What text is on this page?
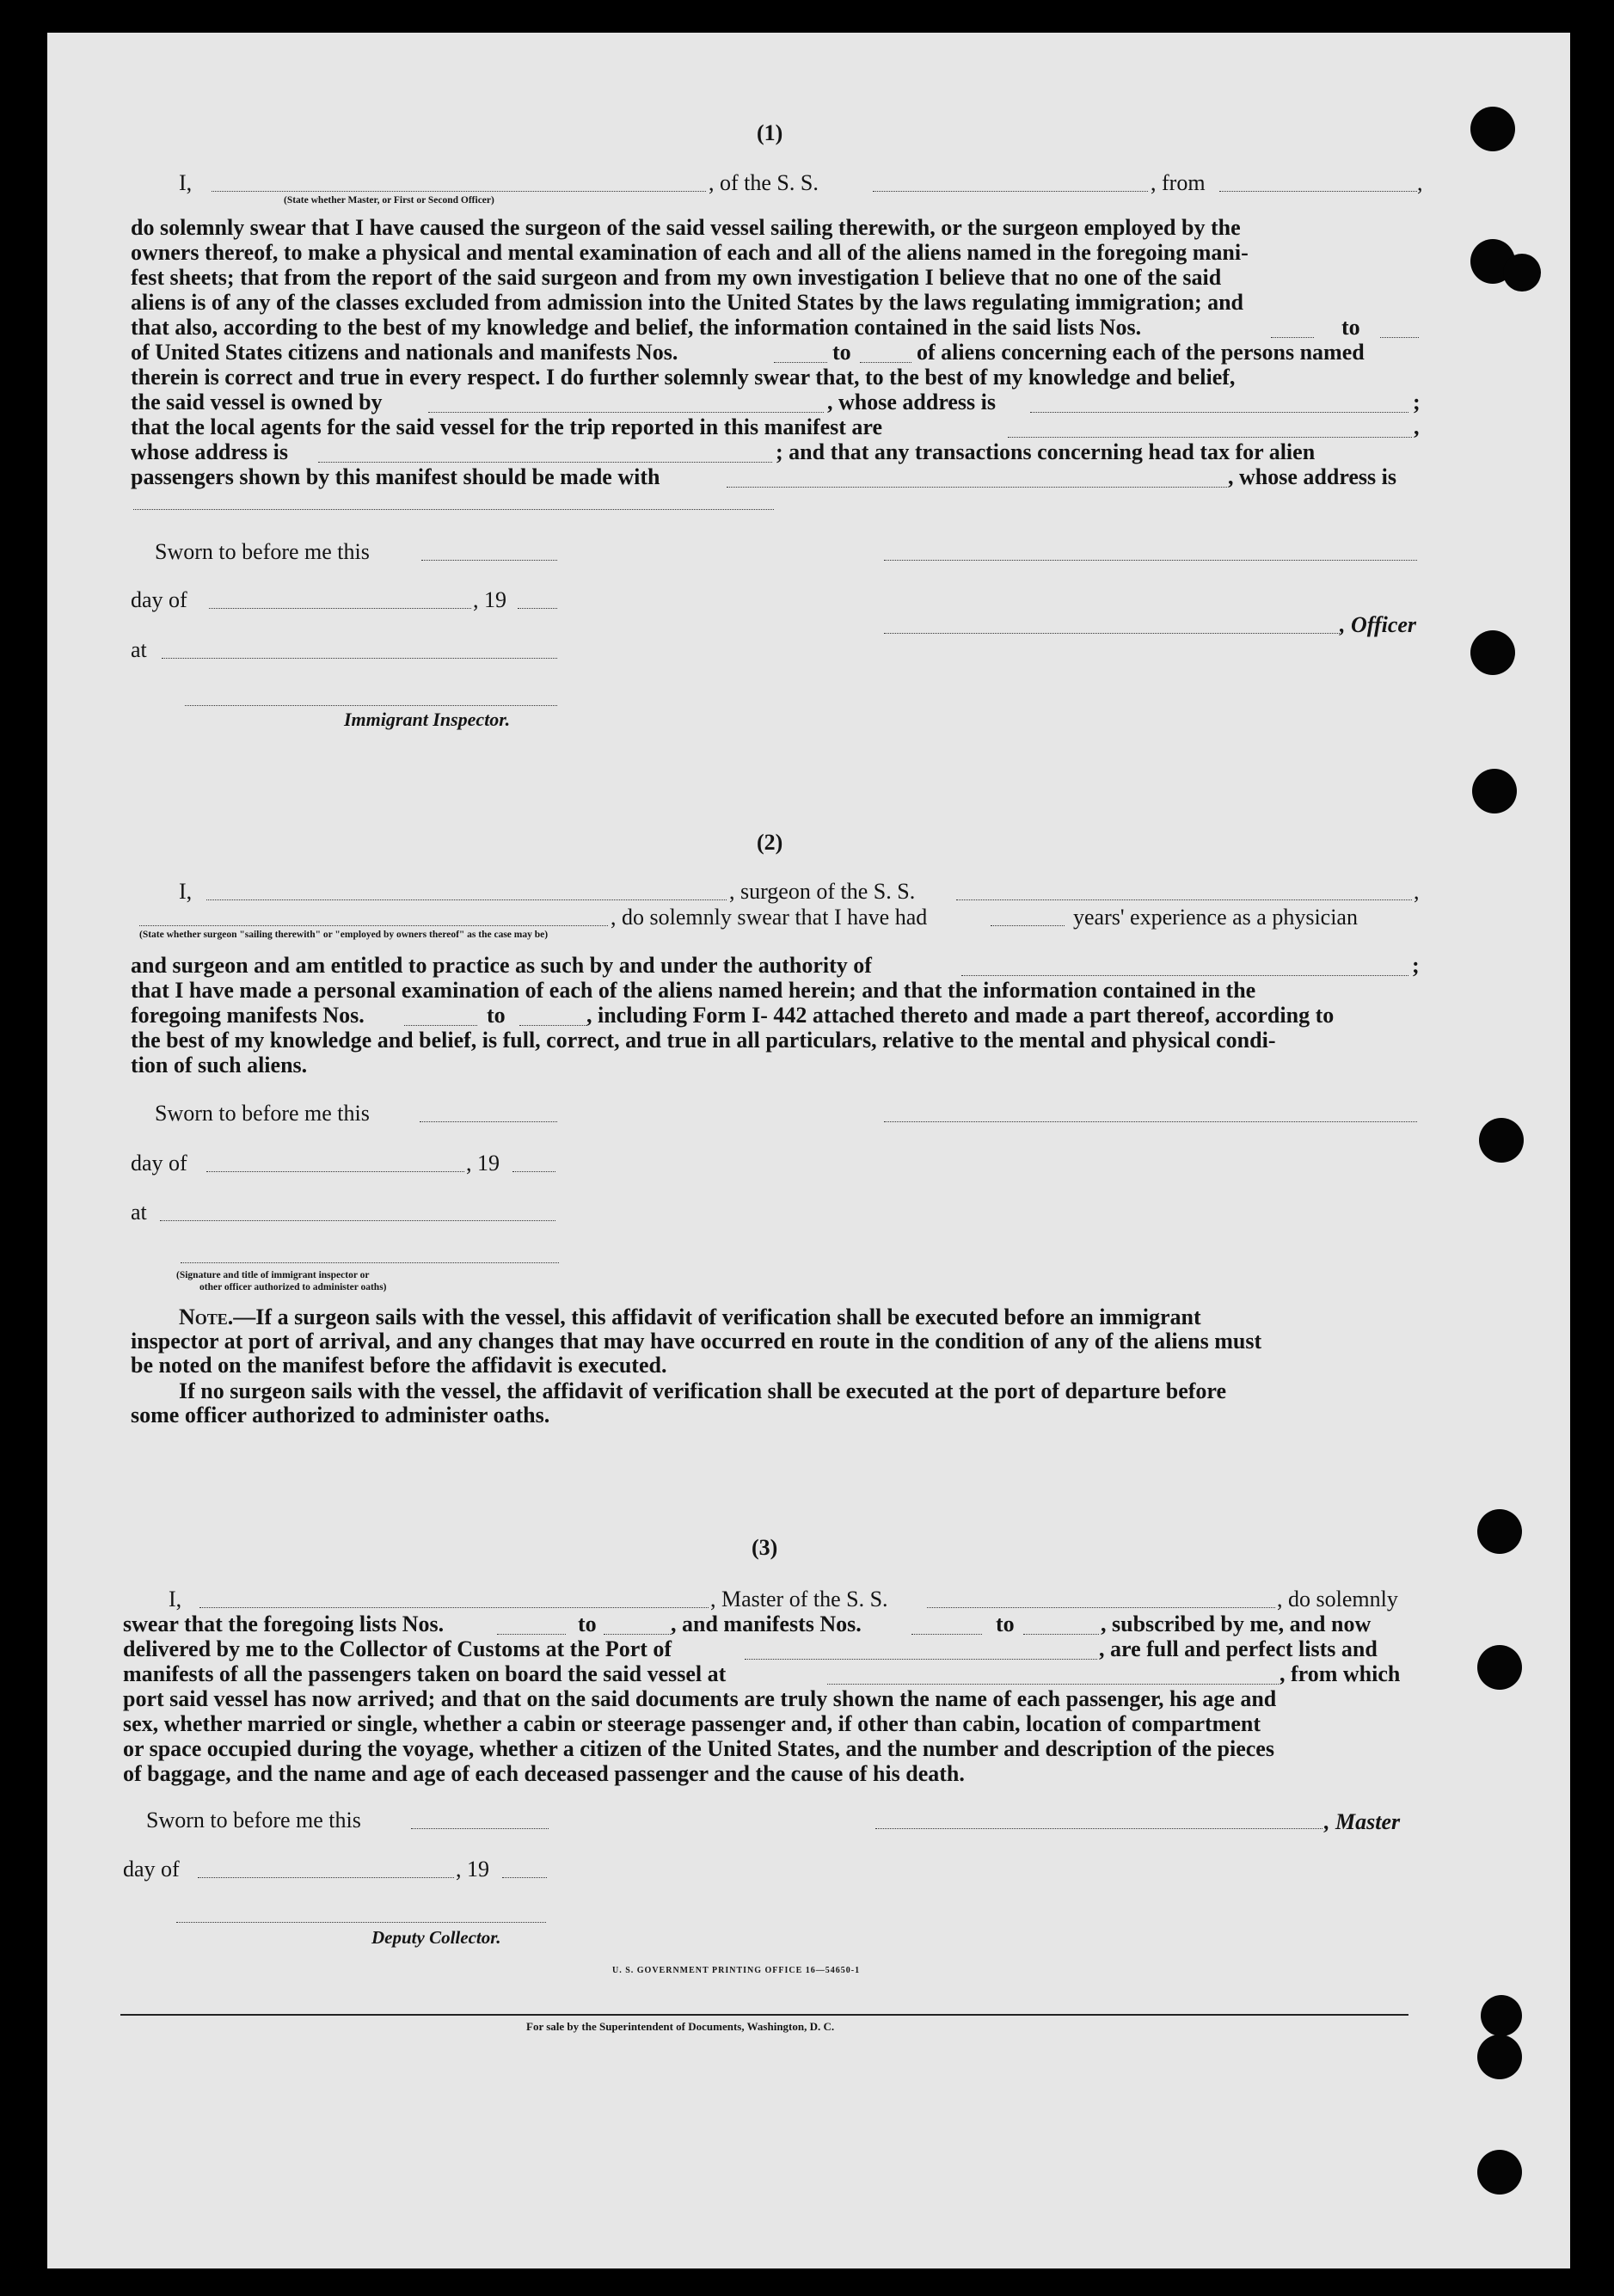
(1)
I,	, of the S. S.	, from	,
(State whether Master, or First or Second Officer)
do solemnly swear that I have caused the surgeon of the said vessel sailing therewith, or the surgeon employed by the
owners thereof, to make a physical and mental examination of each and all of the aliens named in the foregoing mani-
fest sheets; that from the report of the said surgeon and from my own investigation I believe that no one of the said
aliens is of any of the classes excluded from admission into the United States by the laws regulating immigration; and
that also, according to the best of my knowledge and belief, the information contained in the said lists Nos.	to
of United States citizens and nationals and manifests Nos.	to	of aliens concerning each of the persons named
therein is correct and true in every respect. I do further solemnly swear that, to the best of my knowledge and belief,
the said vessel is owned by	, whose address is	;
that the local agents for the said vessel for the trip reported in this manifest are	,
whose address is	; and that any transactions concerning head tax for alien
passengers shown by this manifest should be made with	, whose address is
Sworn to before me this
day of	, 19
, Officer
at
Immigrant Inspector.
(2)
I,	, surgeon of the S. S.	,
, do solemnly swear that I have had	years' experience as a physician
(State whether surgeon "sailing therewith" or "employed by owners thereof" as the case may be)
and surgeon and am entitled to practice as such by and under the authority of	;
that I have made a personal examination of each of the aliens named herein; and that the information contained in the
foregoing manifests Nos.	to	, including Form I- 442 attached thereto and made a part thereof, according to
the best of my knowledge and belief, is full, correct, and true in all particulars, relative to the mental and physical condi-
tion of such aliens.
Sworn to before me this
day of	, 19
at
(Signature and title of immigrant inspector or
other officer authorized to administer oaths)
Note.—If a surgeon sails with the vessel, this affidavit of verification shall be executed before an immigrant
inspector at port of arrival, and any changes that may have occurred en route in the condition of any of the aliens must
be noted on the manifest before the affidavit is executed.
If no surgeon sails with the vessel, the affidavit of verification shall be executed at the port of departure before
some officer authorized to administer oaths.
(3)
I,	, Master of the S. S.	, do solemnly
swear that the foregoing lists Nos.	to	, and manifests Nos.	to	, subscribed by me, and now
delivered by me to the Collector of Customs at the Port of	, are full and perfect lists and
manifests of all the passengers taken on board the said vessel at	, from which
port said vessel has now arrived; and that on the said documents are truly shown the name of each passenger, his age and
sex, whether married or single, whether a cabin or steerage passenger and, if other than cabin, location of compartment
or space occupied during the voyage, whether a citizen of the United States, and the number and description of the pieces
of baggage, and the name and age of each deceased passenger and the cause of his death.
Sworn to before me this	, Master
day of	, 19
Deputy Collector.
U. S. GOVERNMENT PRINTING OFFICE 16—54650-1
For sale by the Superintendent of Documents, Washington, D. C.
